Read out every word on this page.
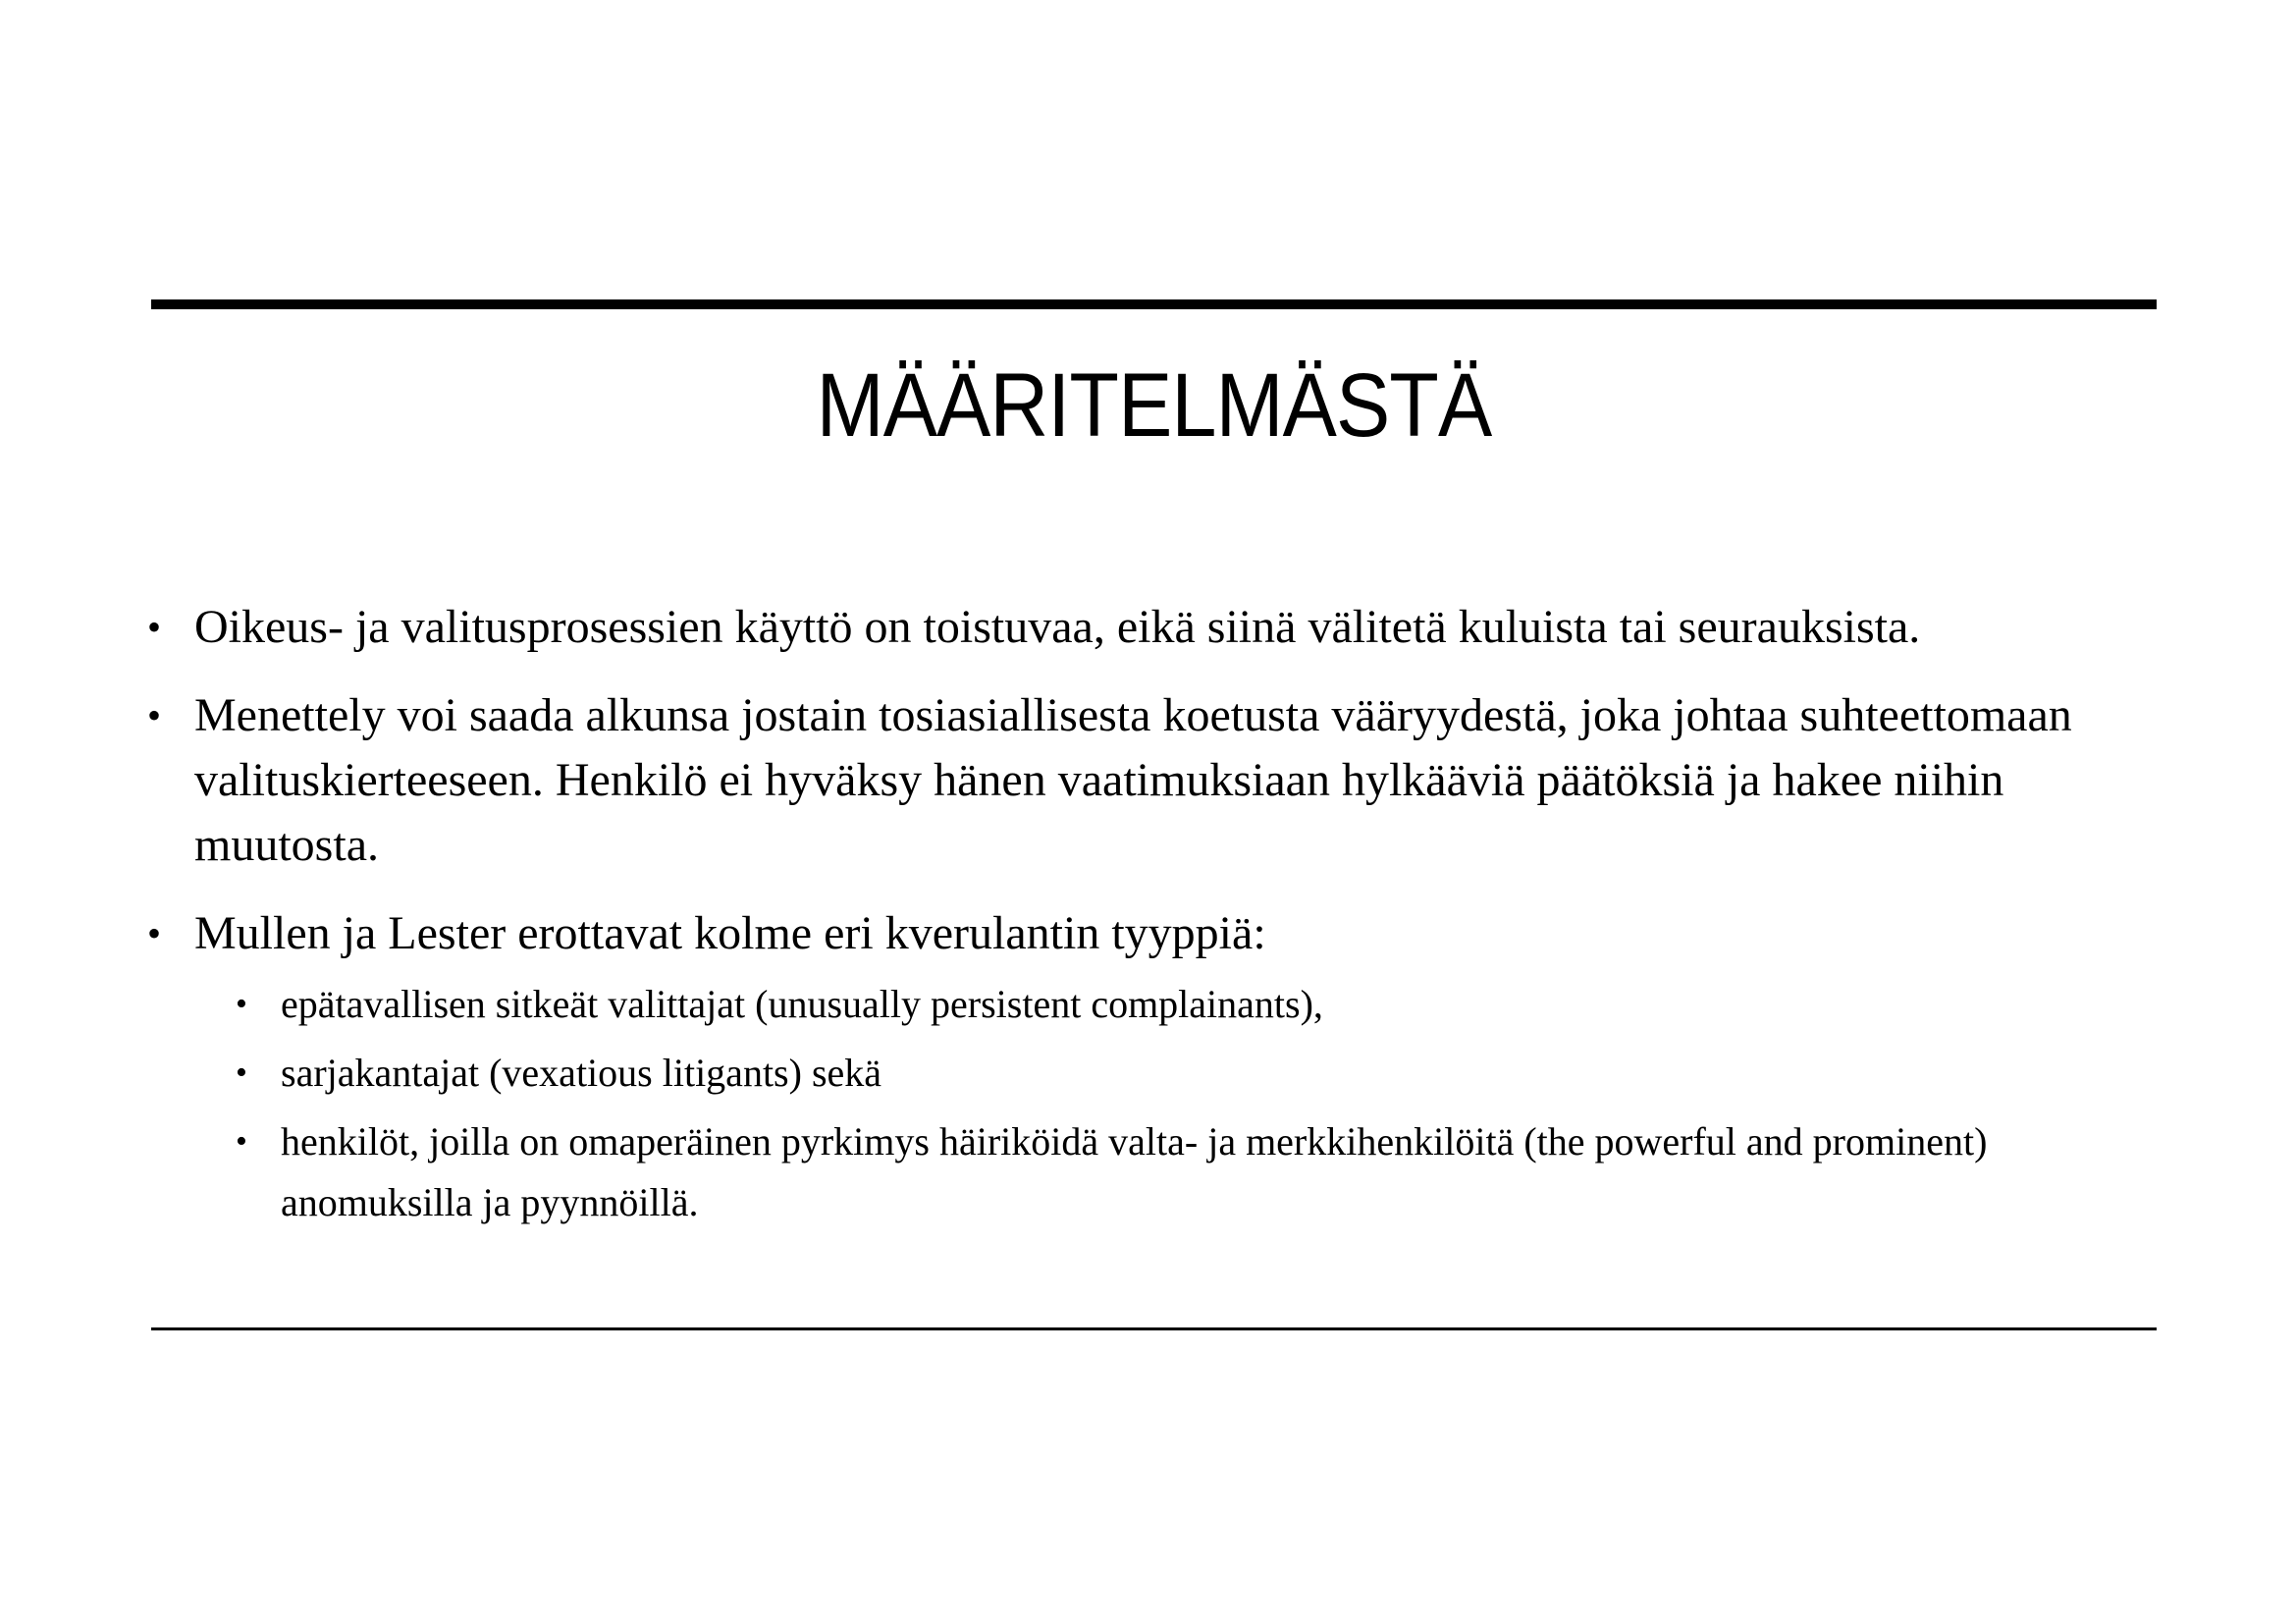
MÄÄRITELMÄSTÄ
• Oikeus- ja valitusprosessien käyttö on toistuvaa, eikä siinä välitetä kuluista tai seurauksista.
• Menettely voi saada alkunsa jostain tosiasiallisesta koetusta vääryydestä, joka johtaa suhteettomaan valituskierteeseen. Henkilö ei hyväksy hänen vaatimuksiaan hylkääviä päätöksiä ja hakee niihin muutosta.
• Mullen ja Lester erottavat kolme eri kverulantin tyyppiä:
• epätavallisen sitkeät valittajat (unusually persistent complainants),
• sarjakantajat (vexatious litigants) sekä
• henkilöt, joilla on omaperäinen pyrkimys häiriköidä valta- ja merkkihenkilöitä (the powerful and prominent) anomuksilla ja pyynnöillä.
